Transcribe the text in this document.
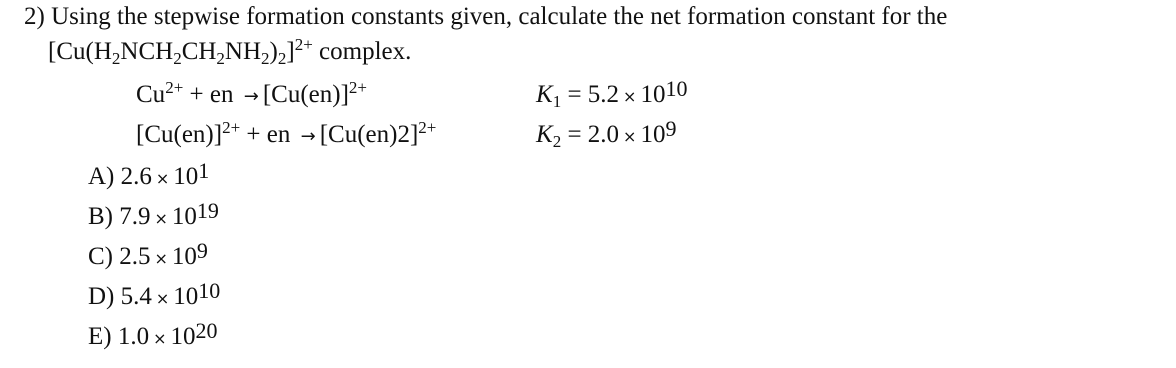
2) Using the stepwise formation constants given, calculate the net formation constant for the
$[Cu(H_2NCH_2CH_2NH_2)_2]^{2+}$ complex.
$Cu^{2+}$ + en → $[Cu(en)]^{2+}$	$K_1 = 5.2 \times 1010$
$[Cu(en)]^{2+}$ + en → $[Cu(en)2]^{2+}$	$K_2 = 2.0 \times 109$
A) 2.6 × 101
B) 7.9 × 1019
C) 2.5 × 109
D) 5.4 × 1010
E) 1.0 × 1020
